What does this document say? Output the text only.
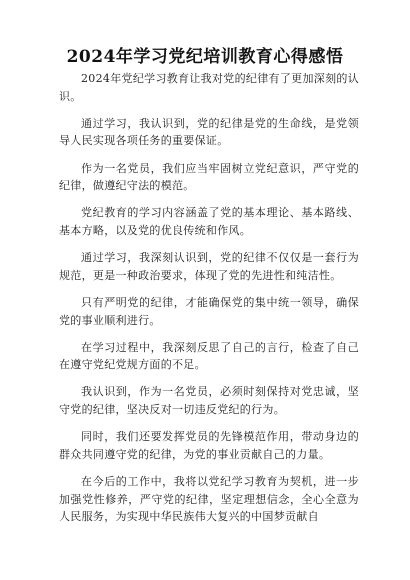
2024年学习党纪培训教育心得感悟

2024年党纪学习教育让我对党的纪律有了更加深刻的认识。

通过学习，我认识到，党的纪律是党的生命线，是党领导人民实现各项任务的重要保证。

作为一名党员，我们应当牢固树立党纪意识，严守党的纪律，做遵纪守法的模范。

党纪教育的学习内容涵盖了党的基本理论、基本路线、基本方略，以及党的优良传统和作风。

通过学习，我深刻认识到，党的纪律不仅仅是一套行为规范，更是一种政治要求，体现了党的先进性和纯洁性。

只有严明党的纪律，才能确保党的集中统一领导，确保党的事业顺利进行。

在学习过程中，我深刻反思了自己的言行，检查了自己在遵守党纪党规方面的不足。

我认识到，作为一名党员，必须时刻保持对党忠诚，坚守党的纪律，坚决反对一切违反党纪的行为。

同时，我们还要发挥党员的先锋模范作用，带动身边的群众共同遵守党的纪律，为党的事业贡献自己的力量。

在今后的工作中，我将以党纪学习教育为契机，进一步加强党性修养，严守党的纪律，坚定理想信念，全心全意为人民服务，为实现中华民族伟大复兴的中国梦贡献自
